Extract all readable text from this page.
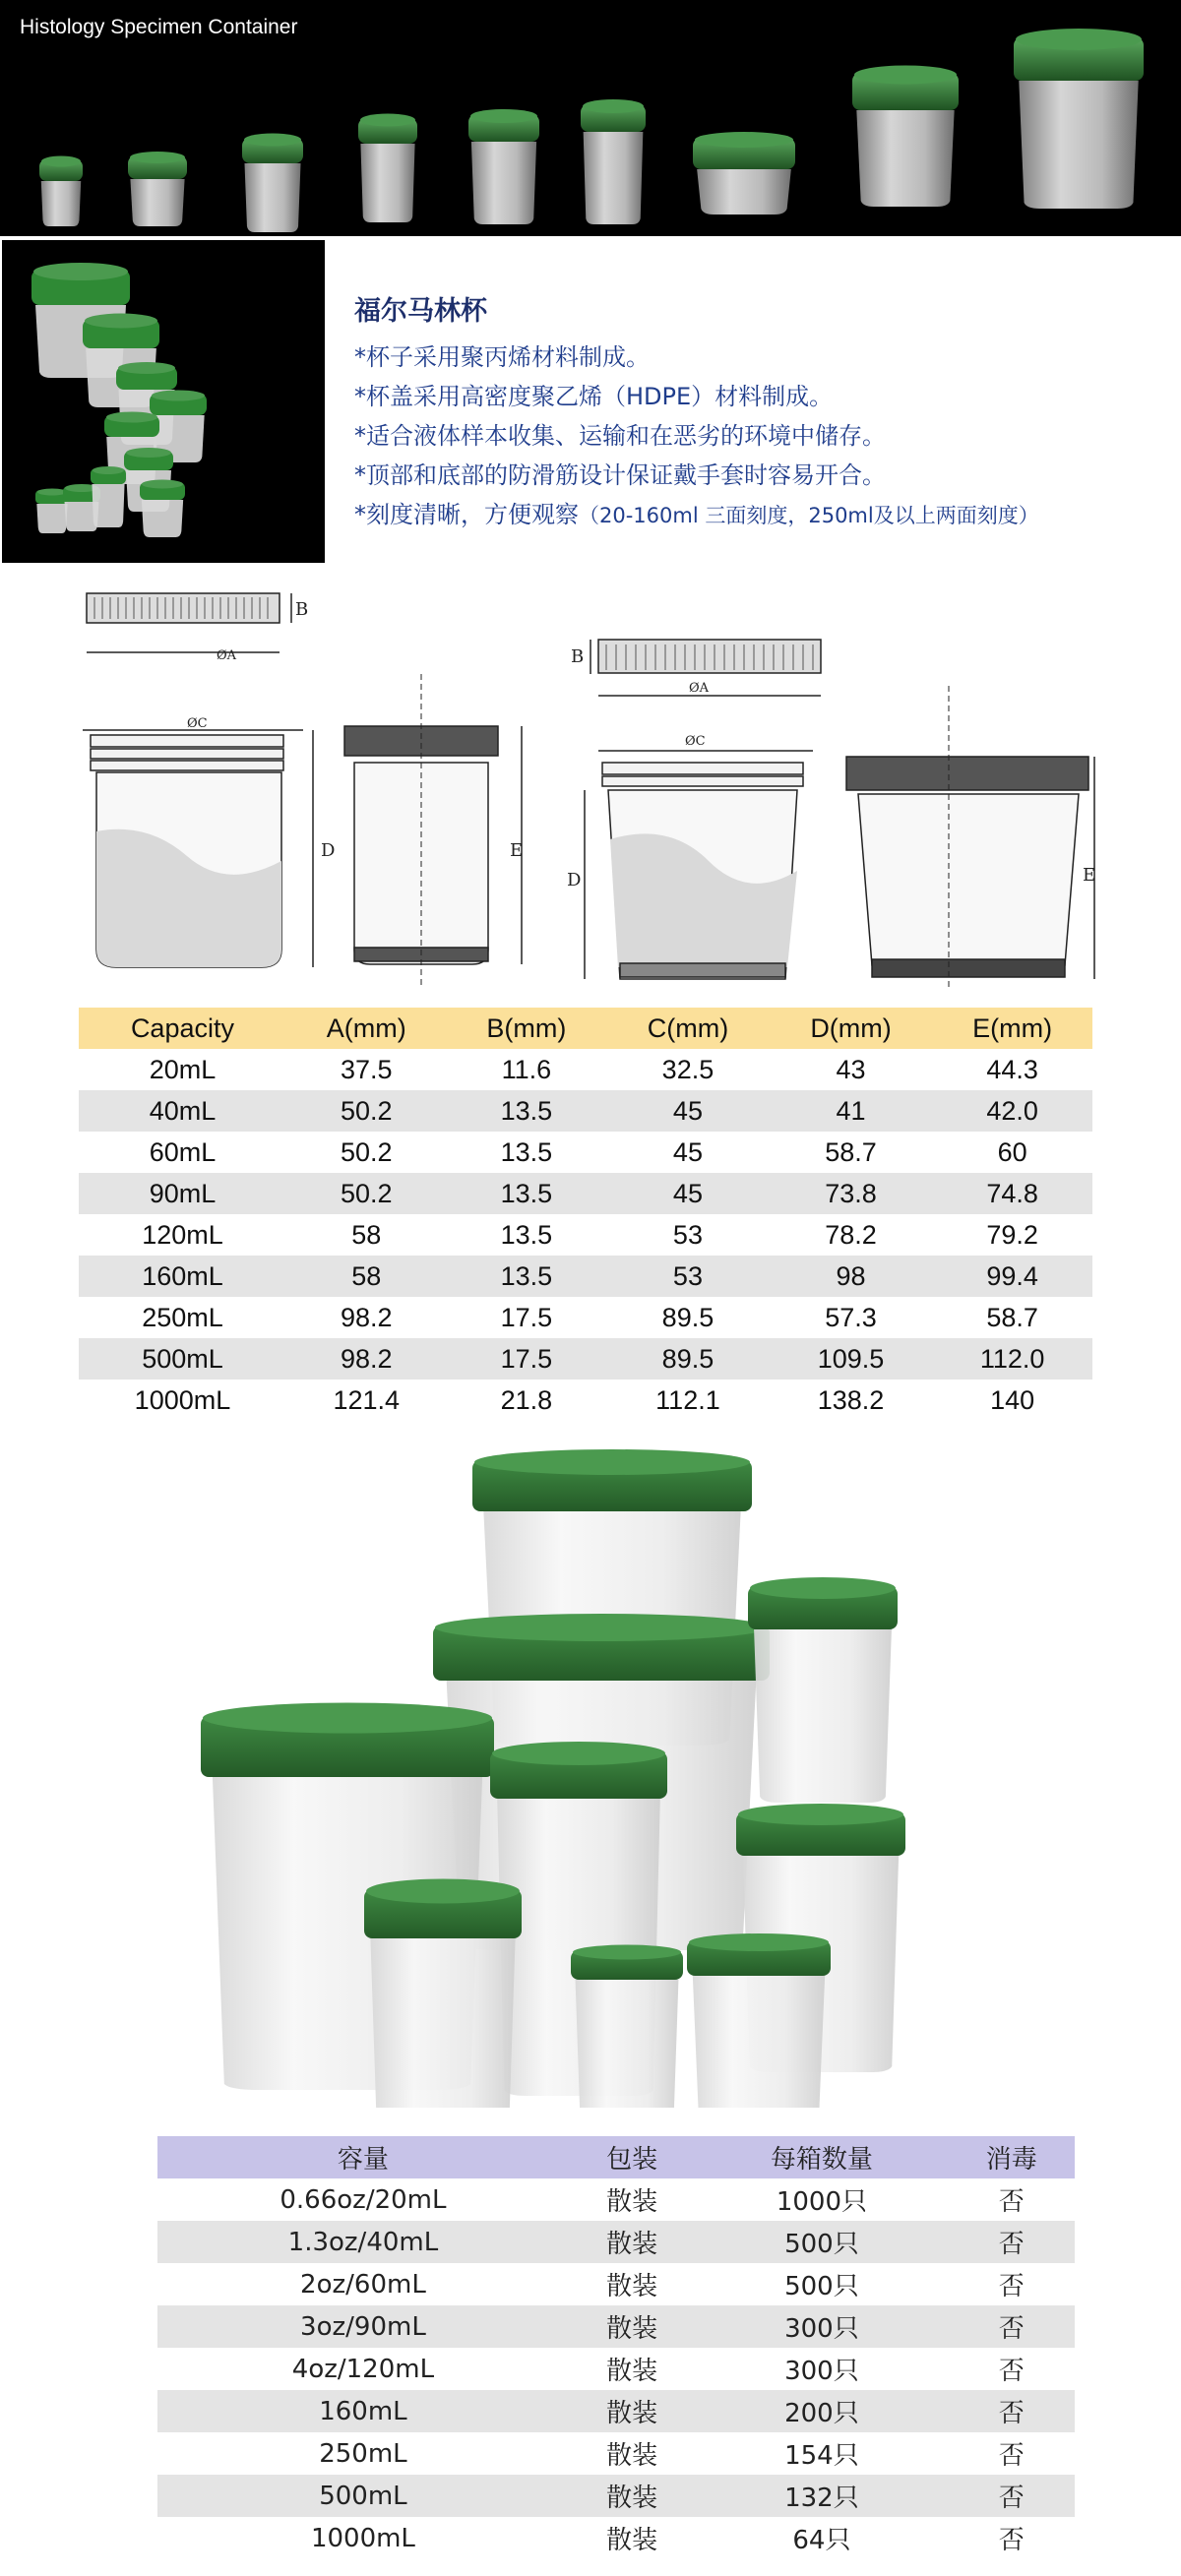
Histology Specimen Container
福尔马林杯
*杯子采用聚丙烯材料制成。
*杯盖采用高密度聚乙烯（HDPE）材料制成。
*适合液体样本收集、运输和在恶劣的环境中储存。
*顶部和底部的防滑筋设计保证戴手套时容易开合。
*刻度清晰，方便观察（20-160ml 三面刻度，250ml及以上两面刻度）
ØA
B
ØC
D	E
B
ØA
ØC
D	E
Capacity	A(mm)	B(mm)	C(mm)	D(mm)	E(mm)
20mL	37.5	11.6	32.5	43	44.3
40mL	50.2	13.5	45	41	42.0
60mL	50.2	13.5	45	58.7	60
90mL	50.2	13.5	45	73.8	74.8
120mL	58	13.5	53	78.2	79.2
160mL	58	13.5	53	98	99.4
250mL	98.2	17.5	89.5	57.3	58.7
500mL	98.2	17.5	89.5	109.5	112.0
1000mL	121.4	21.8	112.1	138.2	140
容量	包装	每箱数量	消毒
0.66oz/20mL	散装	1000只	否
1.3oz/40mL	散装	500只	否
2oz/60mL	散装	500只	否
3oz/90mL	散装	300只	否
4oz/120mL	散装	300只	否
160mL	散装	200只	否
250mL	散装	154只	否
500mL	散装	132只	否
1000mL	散装	64只	否
